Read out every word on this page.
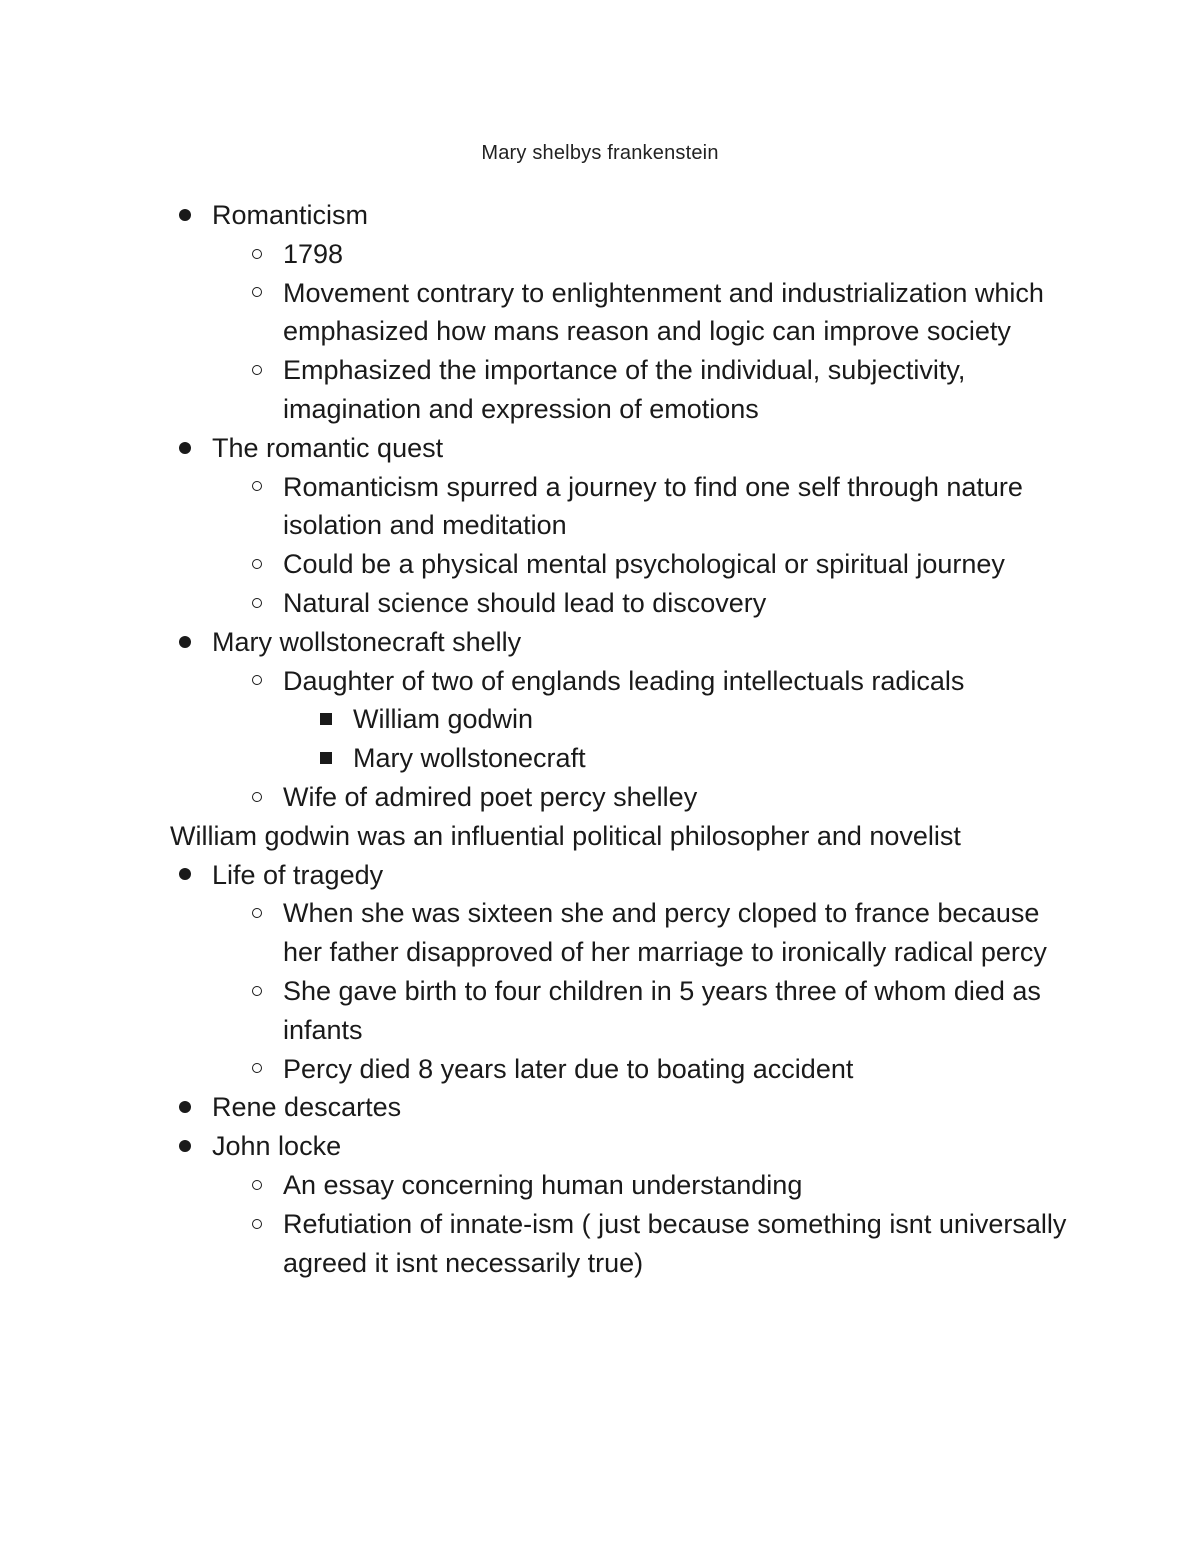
Mary shelbys frankenstein
Romanticism
1798
Movement contrary to enlightenment and industrialization which emphasized how mans reason and logic can improve society
Emphasized the importance of the individual, subjectivity, imagination and expression of emotions
The romantic quest
Romanticism spurred a journey to find one self through nature isolation and meditation
Could be a physical mental psychological or spiritual journey
Natural science should lead to discovery
Mary wollstonecraft shelly
Daughter of two of englands leading intellectuals radicals
William godwin
Mary wollstonecraft
Wife of admired poet percy shelley
William godwin was an influential political philosopher and novelist
Life of tragedy
When she was sixteen she and percy cloped to france because her father disapproved of her marriage to ironically radical percy
She gave birth to four children in 5 years three of whom died as infants
Percy died 8 years later due to boating accident
Rene descartes
John locke
An essay concerning human understanding
Refutiation of innate-ism ( just because something isnt universally agreed it isnt necessarily true)
